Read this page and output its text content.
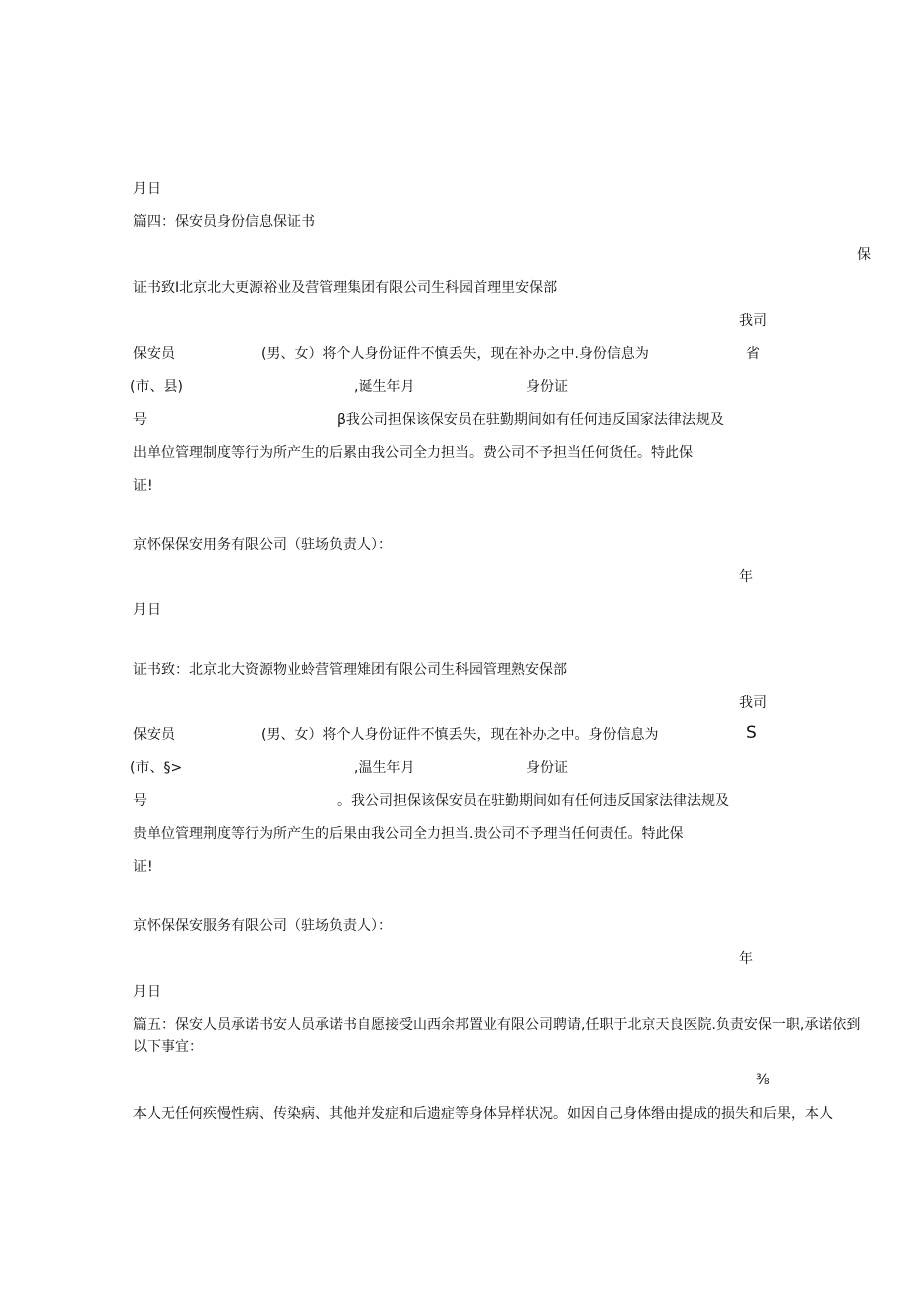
月日
篇四：保安员身份信息保证书
保
证书致I北京北大更源裕业及营管理集团有限公司生科园首理里安保部
我司
保安员	(男、女）将个人身份证件不慎丢失，现在补办之中.身份信息为	省
(市、县)	,诞生年月	身份证
号	β我公司担保该保安员在驻勤期间如有任何违反国家法律法规及
出单位管理制度等行为所产生的后累由我公司全力担当。费公司不予担当任何货任。特此保
证!
京怀保保安用务有限公司（驻场负责人）：
年
月日
证书致：北京北大资源物业蛉营管理雉团有限公司生科园管理熟安保部
我司
保安员	(男、女）将个人身份证件不慎丢失，现在补办之中。身份信息为	S
(市、§>	,温生年月	身份证
号	。我公司担保该保安员在驻勤期间如有任何违反国家法律法规及
贵单位管理荆度等行为所产生的后果由我公司全力担当.贵公司不予理当任何责任。特此保
证!
京怀保保安服务有限公司（驻场负责人）：
年
月日
篇五：保安人员承诺书安人员承诺书自愿接受山西余邦置业有限公司聘请,任职于北京天良医院.负责安保一职,承诺依到以下事宜：
⅜
本人无任何疾慢性病、传染病、其他并发症和后遗症等身体异样状况。如因自己身体缗由提成的损失和后果，本人
